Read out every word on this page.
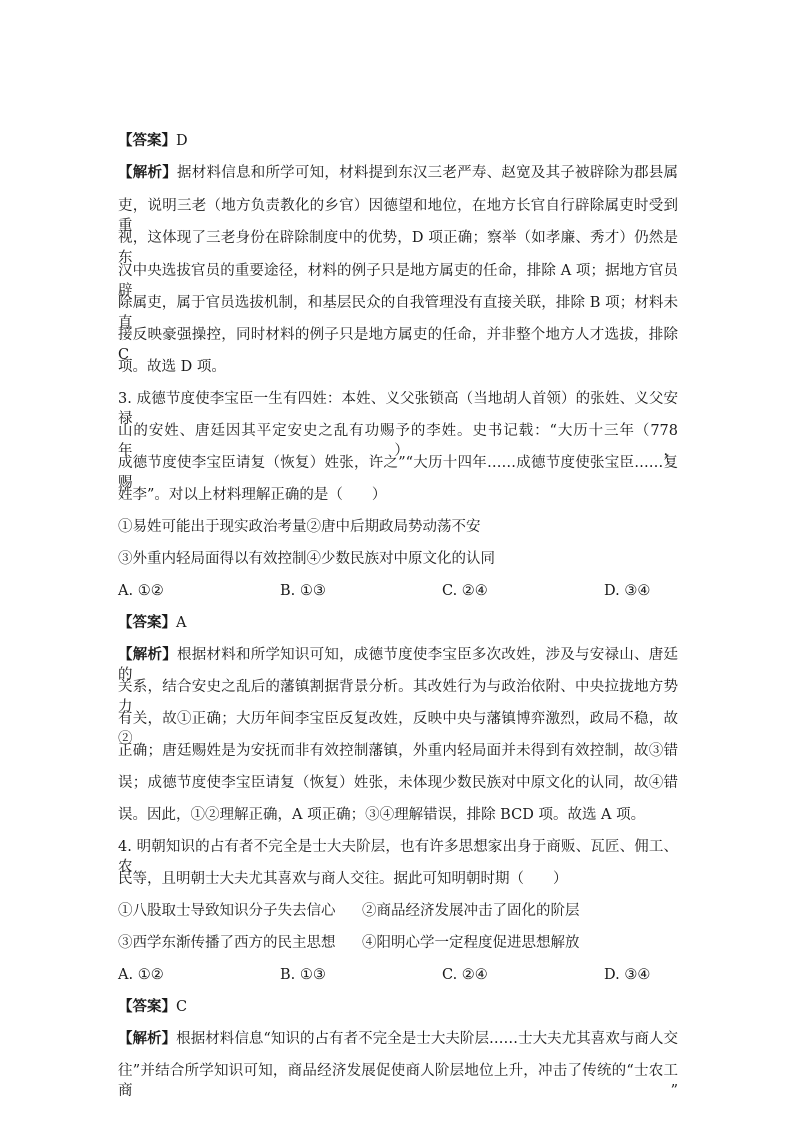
【答案】D
【解析】据材料信息和所学可知，材料提到东汉三老严寿、赵宽及其子被辟除为郡县属
吏，说明三老（地方负责教化的乡官）因德望和地位，在地方长官自行辟除属吏时受到重
视，这体现了三老身份在辟除制度中的优势，D 项正确；察举（如孝廉、秀才）仍然是东
汉中央选拔官员的重要途径，材料的例子只是地方属吏的任命，排除 A 项；据地方官员辟
除属吏，属于官员选拔机制，和基层民众的自我管理没有直接关联，排除 B 项；材料未直
接反映豪强操控，同时材料的例子只是地方属吏的任命，并非整个地方人才选拔，排除 C
项。故选 D 项。
3. 成德节度使李宝臣一生有四姓：本姓、义父张锁高（当地胡人首领）的张姓、义父安禄
山的安姓、唐廷因其平定安史之乱有功赐予的李姓。史书记载：“大历十三年（778 年），
成德节度使李宝臣请复（恢复）姓张，许之”“大历十四年……成德节度使张宝臣……复赐
姓李”。对以上材料理解正确的是（　　）
①易姓可能出于现实政治考量②唐中后期政局势动荡不安
③外重内轻局面得以有效控制④少数民族对中原文化的认同
A. ①②	B. ①③	C. ②④	D. ③④
【答案】A
【解析】根据材料和所学知识可知，成德节度使李宝臣多次改姓，涉及与安禄山、唐廷的
关系，结合安史之乱后的藩镇割据背景分析。其改姓行为与政治依附、中央拉拢地方势力
有关，故①正确；大历年间李宝臣反复改姓，反映中央与藩镇博弈激烈，政局不稳，故②
正确；唐廷赐姓是为安抚而非有效控制藩镇，外重内轻局面并未得到有效控制，故③错
误；成德节度使李宝臣请复（恢复）姓张，未体现少数民族对中原文化的认同，故④错
误。因此，①②理解正确，A 项正确；③④理解错误，排除 BCD 项。故选 A 项。
4. 明朝知识的占有者不完全是士大夫阶层，也有许多思想家出身于商贩、瓦匠、佣工、农
民等，且明朝士大夫尤其喜欢与商人交往。据此可知明朝时期（　　）
①八股取士导致知识分子失去信心 ②商品经济发展冲击了固化的阶层
③西学东渐传播了西方的民主思想 ④阳明心学一定程度促进思想解放
A. ①②	B. ①③	C. ②④	D. ③④
【答案】C
【解析】根据材料信息“知识的占有者不完全是士大夫阶层……士大夫尤其喜欢与商人交
往”并结合所学知识可知，商品经济发展促使商人阶层地位上升，冲击了传统的“士农工商”
